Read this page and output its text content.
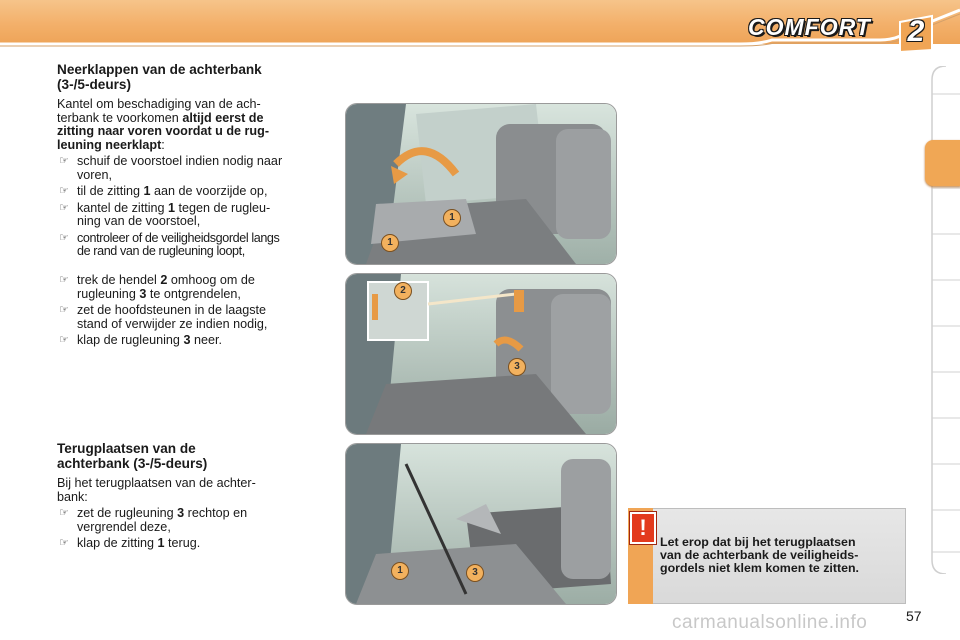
COMFORT	2

Neerklappen van de achterbank
(3-/5-deurs)

Kantel om beschadiging van de ach-
terbank te voorkomen altijd eerst de
zitting naar voren voordat u de rug-
leuning neerklapt:

☞ schuif de voorstoel indien nodig naar
voren,

☞ til de zitting 1 aan de voorzijde op,

☞ kantel de zitting 1 tegen de rugleu-
ning van de voorstoel,

☞ controleer of de veiligheidsgordel langs
de rand van de rugleuning loopt,

☞ trek de hendel 2 omhoog om de
rugleuning 3 te ontgrendelen,

☞ zet de hoofdsteunen in de laagste
stand of verwijder ze indien nodig,

☞ klap de rugleuning 3 neer.

Terugplaatsen van de
achterbank (3-/5-deurs)

Bij het terugplaatsen van de achter-
bank:

☞ zet de rugleuning 3 rechtop en
vergrendel deze,

☞ klap de zitting 1 terug.

1
1
2
3
1	3
!
Let erop dat bij het terugplaatsen
van de achterbank de veiligheids-
gordels niet klem komen te zitten.
carmanualsonline.info	57
